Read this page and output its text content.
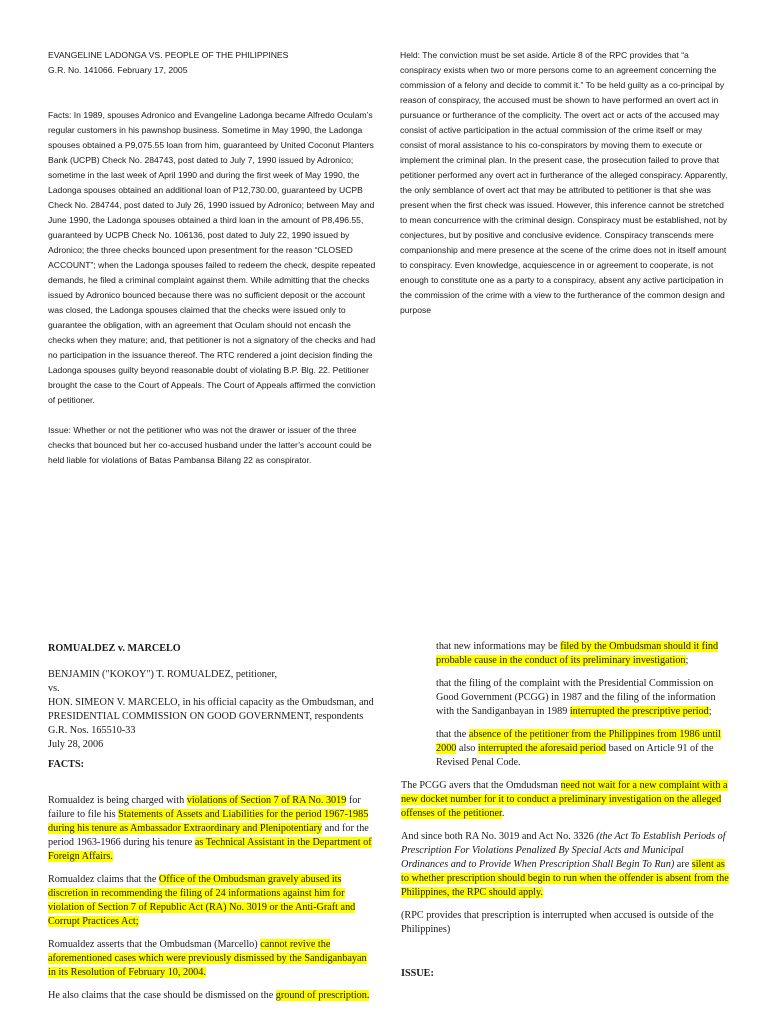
EVANGELINE LADONGA VS. PEOPLE OF THE PHILIPPINES

G.R. No. 141066. February 17, 2005

Facts: In 1989, spouses Adronico and Evangeline Ladonga became Alfredo Oculam’s regular customers in his pawnshop business. Sometime in May 1990, the Ladonga spouses obtained a P9,075.55 loan from him, guaranteed by United Coconut Planters Bank (UCPB) Check No. 284743, post dated to July 7, 1990 issued by Adronico; sometime in the last week of April 1990 and during the first week of May 1990, the Ladonga spouses obtained an additional loan of P12,730.00, guaranteed by UCPB Check No. 284744, post dated to July 26, 1990 issued by Adronico; between May and June 1990, the Ladonga spouses obtained a third loan in the amount of P8,496.55, guaranteed by UCPB Check No. 106136, post dated to July 22, 1990 issued by Adronico; the three checks bounced upon presentment for the reason “CLOSED ACCOUNT”; when the Ladonga spouses failed to redeem the check, despite repeated demands, he filed a criminal complaint against them. While admitting that the checks issued by Adronico bounced because there was no sufficient deposit or the account was closed, the Ladonga spouses claimed that the checks were issued only to guarantee the obligation, with an agreement that Oculam should not encash the checks when they mature; and, that petitioner is not a signatory of the checks and had no participation in the issuance thereof. The RTC rendered a joint decision finding the Ladonga spouses guilty beyond reasonable doubt of violating B.P. Blg. 22. Petitioner brought the case to the Court of Appeals. The Court of Appeals affirmed the conviction of petitioner.

Issue: Whether or not the petitioner who was not the drawer or issuer of the three checks that bounced but her co-accused husband under the latter’s account could be held liable for violations of Batas Pambansa Bilang 22 as conspirator.

Held: The conviction must be set aside. Article 8 of the RPC provides that “a conspiracy exists when two or more persons come to an agreement concerning the commission of a felony and decide to commit it.” To be held guilty as a co-principal by reason of conspiracy, the accused must be shown to have performed an overt act in pursuance or furtherance of the complicity. The overt act or acts of the accused may consist of active participation in the actual commission of the crime itself or may consist of moral assistance to his co-conspirators by moving them to execute or implement the criminal plan. In the present case, the prosecution failed to prove that petitioner performed any overt act in furtherance of the alleged conspiracy. Apparently, the only semblance of overt act that may be attributed to petitioner is that she was present when the first check was issued. However, this inference cannot be stretched to mean concurrence with the criminal design. Conspiracy must be established, not by conjectures, but by positive and conclusive evidence. Conspiracy transcends mere companionship and mere presence at the scene of the crime does not in itself amount to conspiracy. Even knowledge, acquiescence in or agreement to cooperate, is not enough to constitute one as a party to a conspiracy, absent any active participation in the commission of the crime with a view to the furtherance of the common design and purpose

ROMUALDEZ v. MARCELO

BENJAMIN ("KOKOY") T. ROMUALDEZ, petitioner,

vs.

HON. SIMEON V. MARCELO, in his official capacity as the Ombudsman, and PRESIDENTIAL COMMISSION ON GOOD GOVERNMENT, respondents

G.R. Nos. 165510-33

July 28, 2006

FACTS:

Romualdez is being charged with violations of Section 7 of RA No. 3019 for failure to file his Statements of Assets and Liabilities for the period 1967-1985 during his tenure as Ambassador Extraordinary and Plenipotentiary and for the period 1963-1966 during his tenure as Technical Assistant in the Department of Foreign Affairs.

Romualdez claims that the Office of the Ombudsman gravely abused its discretion in recommending the filing of 24 informations against him for violation of Section 7 of Republic Act (RA) No. 3019 or the Anti-Graft and Corrupt Practices Act;

Romualdez asserts that the Ombudsman (Marcello) cannot revive the aforementioned cases which were previously dismissed by the Sandiganbayan in its Resolution of February 10, 2004.

He also claims that the case should be dismissed on the ground of prescription.

that new informations may be filed by the Ombudsman should it find probable cause in the conduct of its preliminary investigation;

that the filing of the complaint with the Presidential Commission on Good Government (PCGG) in 1987 and the filing of the information with the Sandiganbayan in 1989 interrupted the prescriptive period;

that the absence of the petitioner from the Philippines from 1986 until 2000 also interrupted the aforesaid period based on Article 91 of the Revised Penal Code.

The PCGG avers that the Omdudsman need not wait for a new complaint with a new docket number for it to conduct a preliminary investigation on the alleged offenses of the petitioner.

And since both RA No. 3019 and Act No. 3326 (the Act To Establish Periods of Prescription For Violations Penalized By Special Acts and Municipal Ordinances and to Provide When Prescription Shall Begin To Run) are silent as to whether prescription should begin to run when the offender is absent from the Philippines, the RPC should apply.

(RPC provides that prescription is interrupted when accused is outside of the Philippines)

ISSUE:
